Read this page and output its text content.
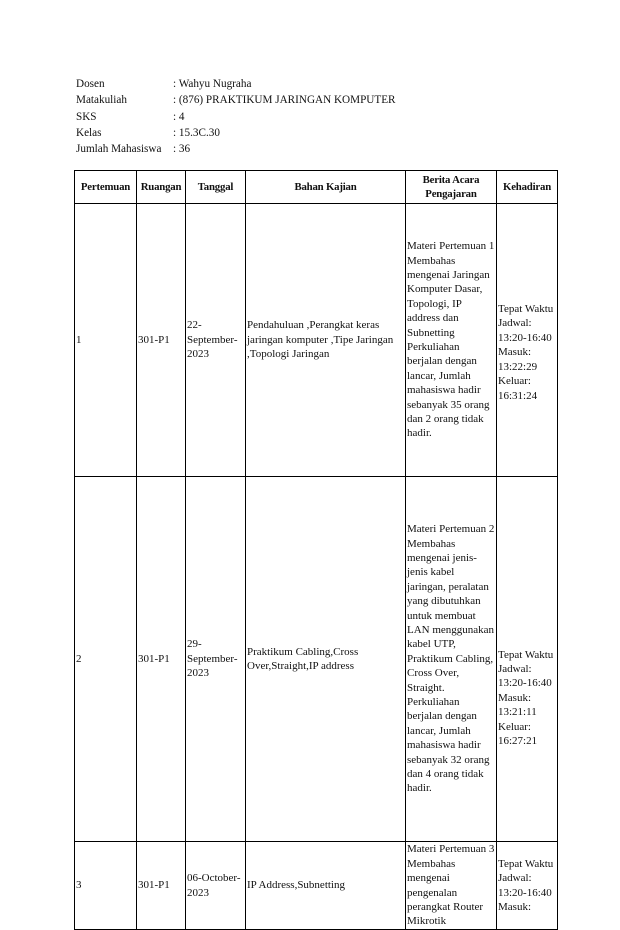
Dosen	: Wahyu Nugraha
Matakuliah	: (876) PRAKTIKUM JARINGAN KOMPUTER
SKS	: 4
Kelas	: 15.3C.30
Jumlah Mahasiswa	: 36
Pertemuan	Ruangan	Tanggal	Bahan Kajian	Berita Acara Pengajaran	Kehadiran
1	301-P1	22-September-2023	Pendahuluan ,Perangkat keras jaringan komputer ,Tipe Jaringan ,Topologi Jaringan	Materi Pertemuan 1 Membahas mengenai Jaringan Komputer Dasar, Topologi, IP address dan Subnetting Perkuliahan berjalan dengan lancar, Jumlah mahasiswa hadir sebanyak 35 orang dan 2 orang tidak hadir.	Tepat Waktu Jadwal: 13:20-16:40 Masuk: 13:22:29 Keluar: 16:31:24
2	301-P1	29-September-2023	Praktikum Cabling,Cross Over,Straight,IP address	Materi Pertemuan 2 Membahas mengenai jenis-jenis kabel jaringan, peralatan yang dibutuhkan untuk membuat LAN menggunakan kabel UTP, Praktikum Cabling, Cross Over, Straight. Perkuliahan berjalan dengan lancar, Jumlah mahasiswa hadir sebanyak 32 orang dan 4 orang tidak hadir.	Tepat Waktu Jadwal: 13:20-16:40 Masuk: 13:21:11 Keluar: 16:27:21
3	301-P1	06-October-2023	IP Address,Subnetting	Materi Pertemuan 3 Membahas mengenai pengenalan perangkat Router Mikrotik	Tepat Waktu Jadwal: 13:20-16:40 Masuk:
